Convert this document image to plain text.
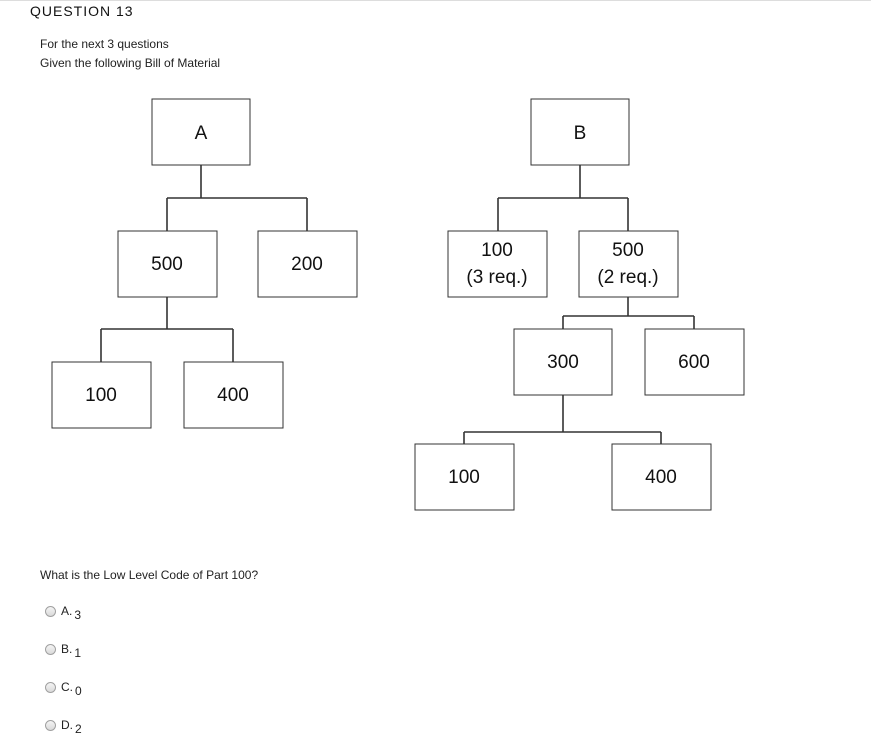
QUESTION 13
For the next 3 questions
Given the following Bill of Material
A
500	200
100	400
B
100
(3 req.)
500
(2 req.)
300	600
100	400
What is the Low Level Code of Part 100?
A. 3
B. 1
C. 0
D. 2
